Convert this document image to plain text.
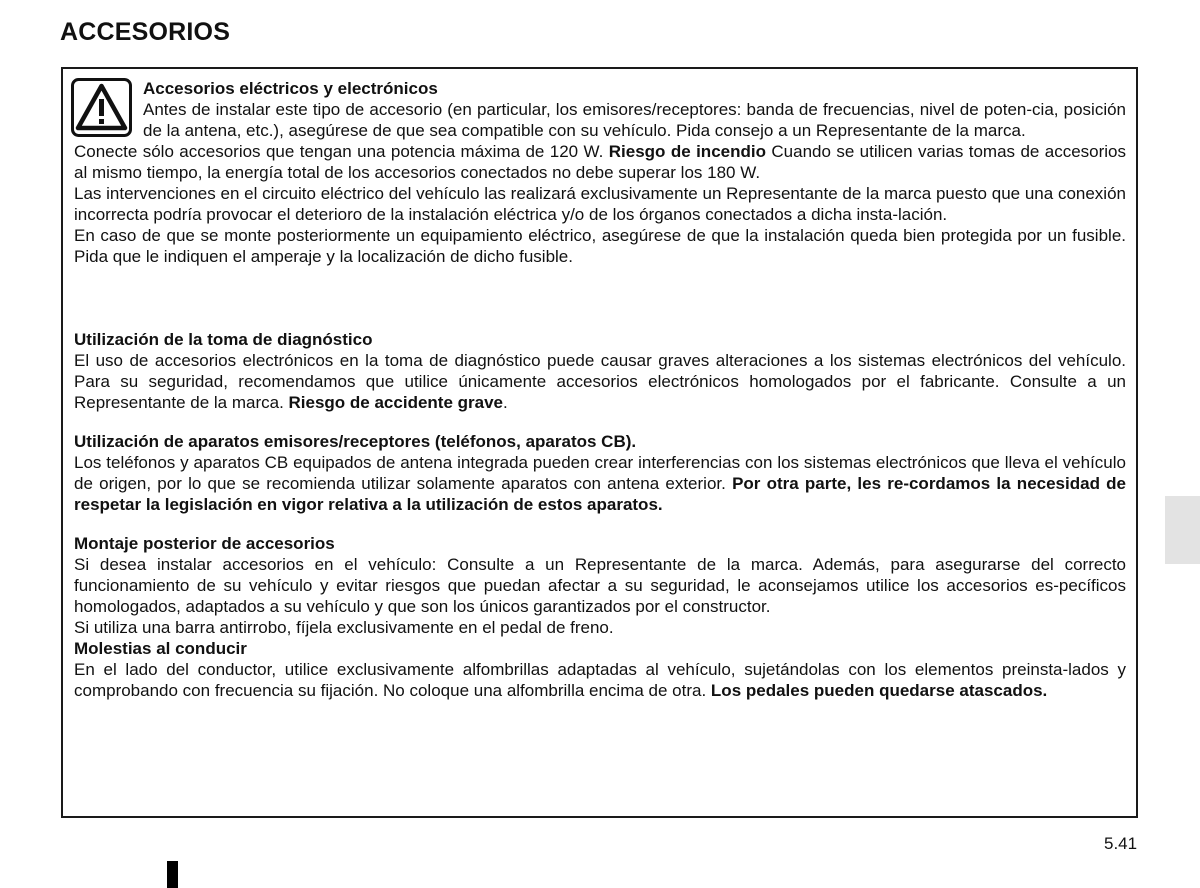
ACCESORIOS

Accesorios eléctricos y electrónicos

Antes de instalar este tipo de accesorio (en particular, los emisores/receptores: banda de frecuencias, nivel de poten-cia, posición de la antena, etc.), asegúrese de que sea compatible con su vehículo. Pida consejo a un Representante de la marca.

Conecte sólo accesorios que tengan una potencia máxima de 120 W. Riesgo de incendio Cuando se utilicen varias tomas de accesorios al mismo tiempo, la energía total de los accesorios conectados no debe superar los 180 W.

Las intervenciones en el circuito eléctrico del vehículo las realizará exclusivamente un Representante de la marca puesto que una conexión incorrecta podría provocar el deterioro de la instalación eléctrica y/o de los órganos conectados a dicha insta-lación.

En caso de que se monte posteriormente un equipamiento eléctrico, asegúrese de que la instalación queda bien protegida por un fusible. Pida que le indiquen el amperaje y la localización de dicho fusible.

Utilización de la toma de diagnóstico

El uso de accesorios electrónicos en la toma de diagnóstico puede causar graves alteraciones a los sistemas electrónicos del vehículo. Para su seguridad, recomendamos que utilice únicamente accesorios electrónicos homologados por el fabricante. Consulte a un Representante de la marca. Riesgo de accidente grave.

Utilización de aparatos emisores/receptores (teléfonos, aparatos CB).

Los teléfonos y aparatos CB equipados de antena integrada pueden crear interferencias con los sistemas electrónicos que lleva el vehículo de origen, por lo que se recomienda utilizar solamente aparatos con antena exterior. Por otra parte, les re-cordamos la necesidad de respetar la legislación en vigor relativa a la utilización de estos aparatos.

Montaje posterior de accesorios

Si desea instalar accesorios en el vehículo: Consulte a un Representante de la marca. Además, para asegurarse del correcto funcionamiento de su vehículo y evitar riesgos que puedan afectar a su seguridad, le aconsejamos utilice los accesorios es-pecíficos homologados, adaptados a su vehículo y que son los únicos garantizados por el constructor.

Si utiliza una barra antirrobo, fíjela exclusivamente en el pedal de freno.

Molestias al conducir

En el lado del conductor, utilice exclusivamente alfombrillas adaptadas al vehículo, sujetándolas con los elementos preinsta-lados y comprobando con frecuencia su fijación. No coloque una alfombrilla encima de otra. Los pedales pueden quedarse atascados.

5.41
